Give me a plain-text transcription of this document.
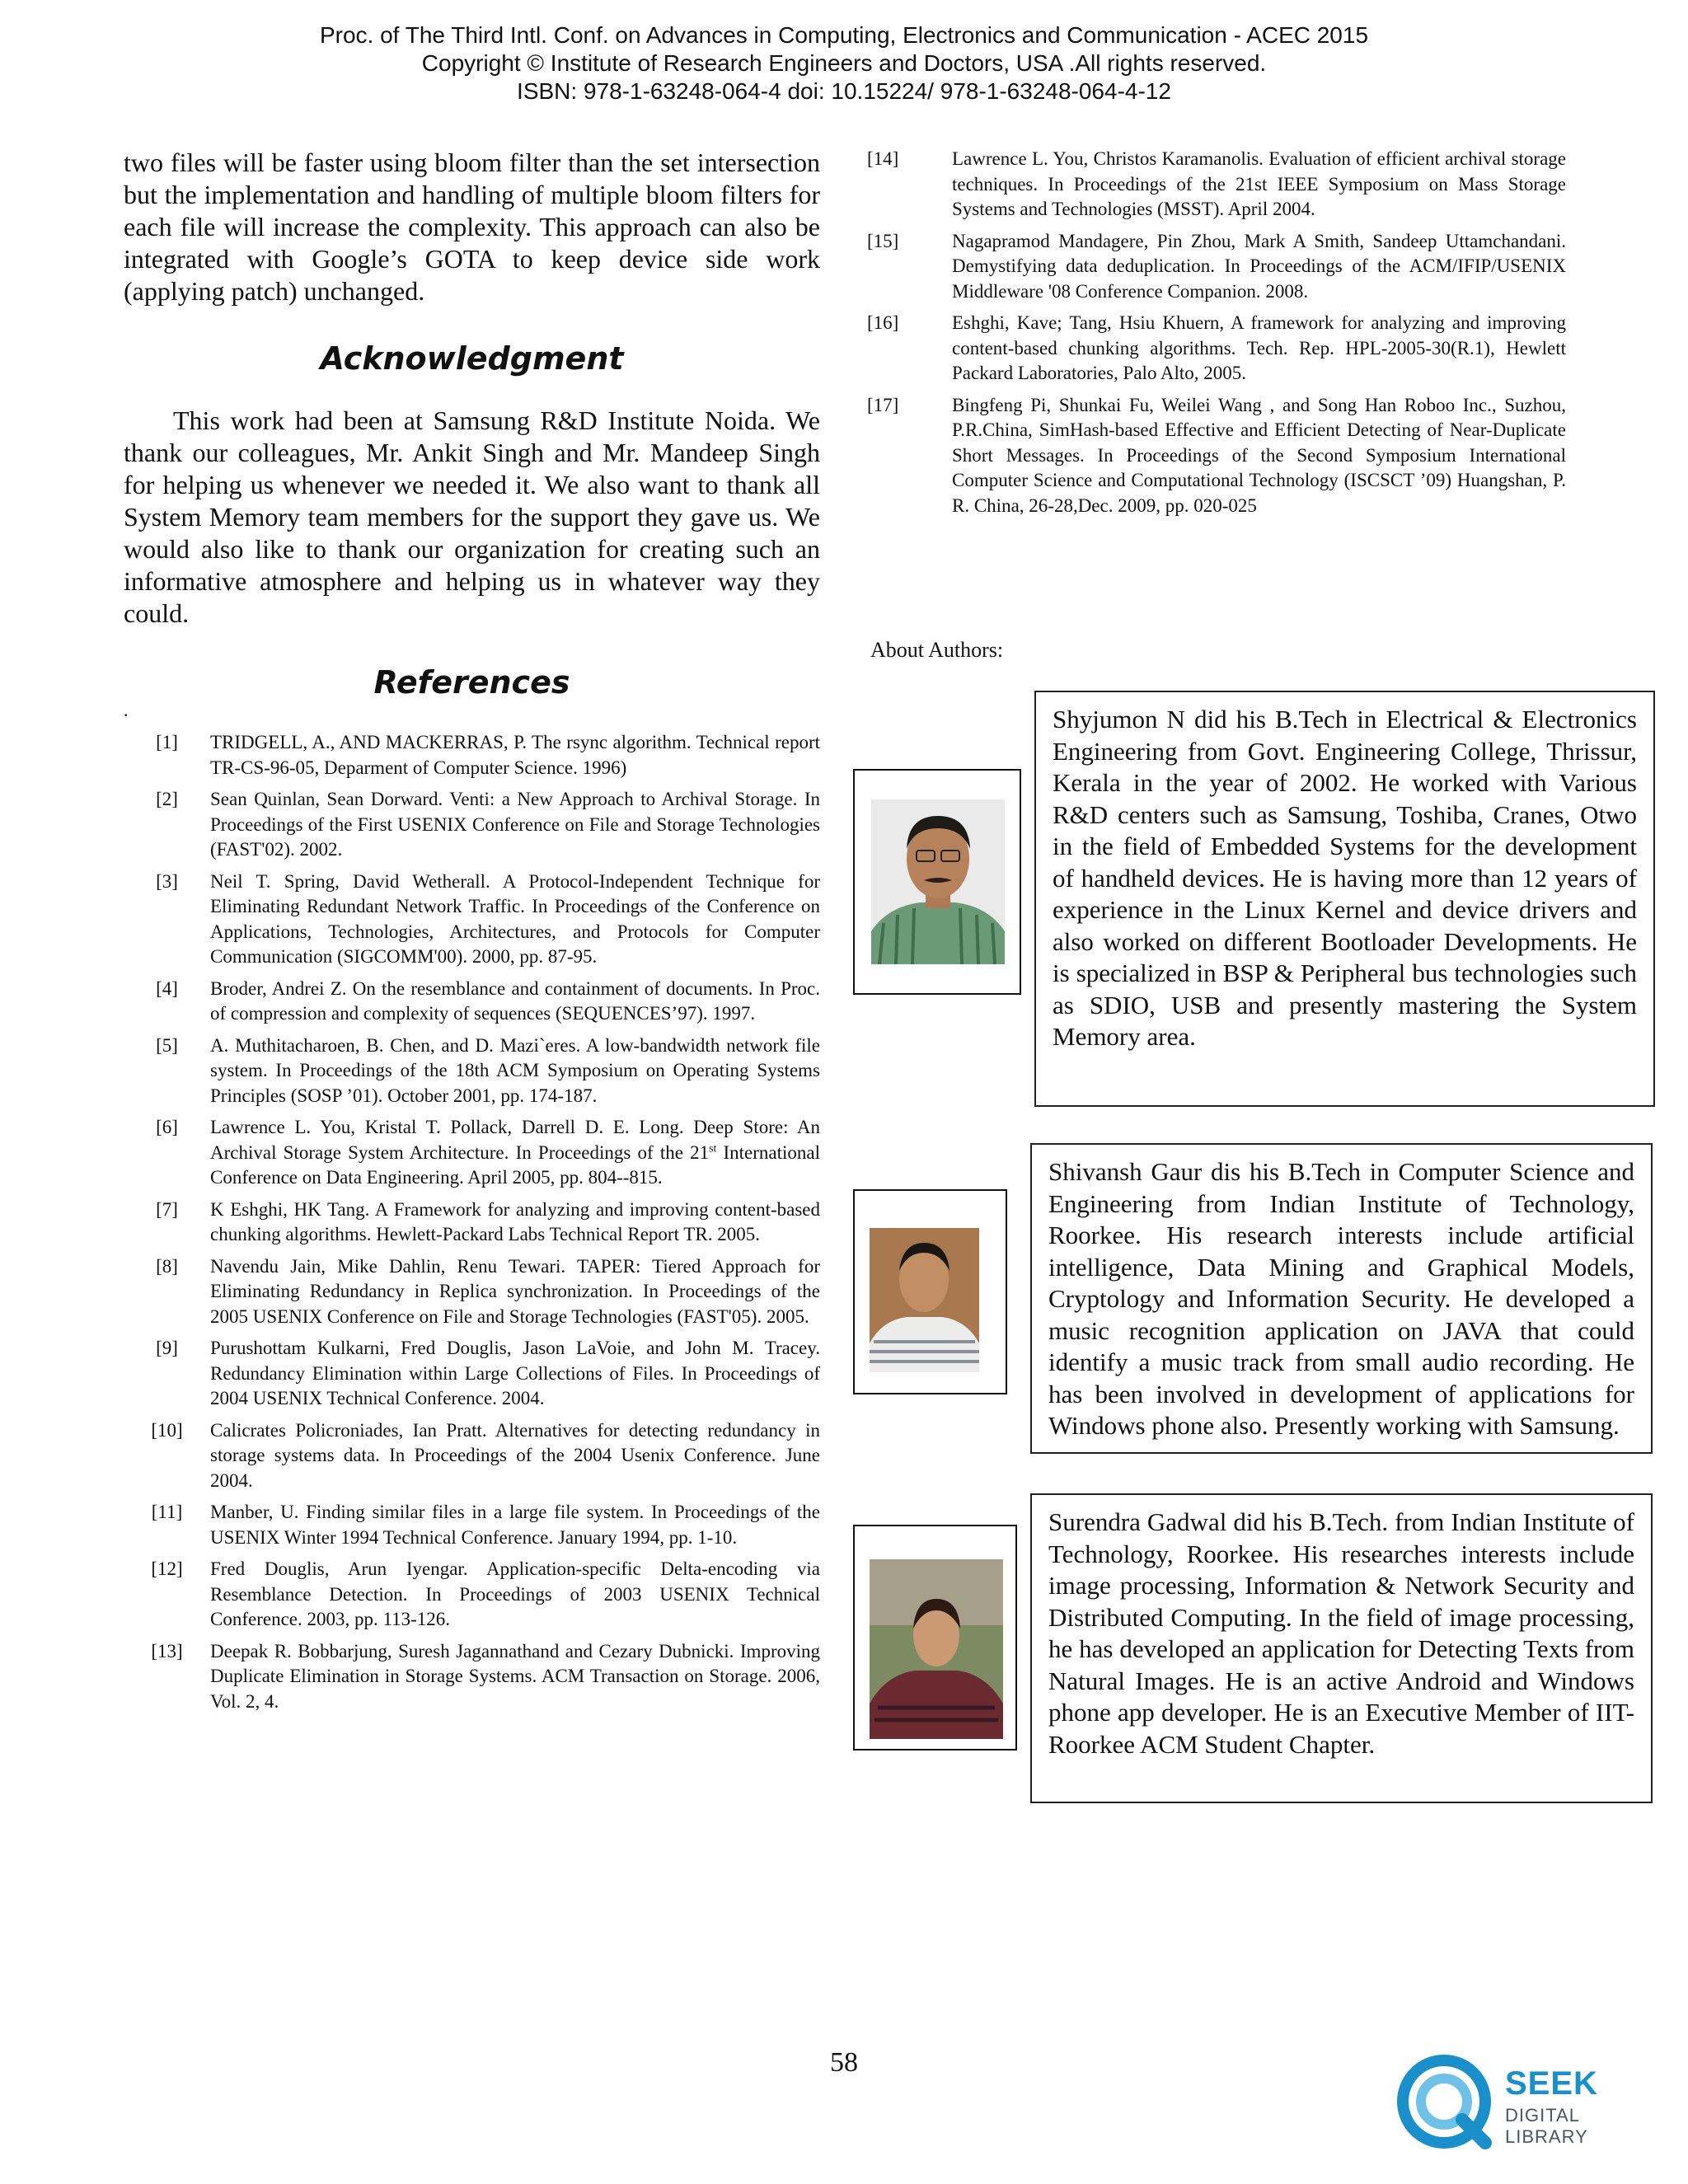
Proc. of The Third Intl. Conf. on Advances in Computing, Electronics and Communication - ACEC 2015
Copyright © Institute of Research Engineers and Doctors, USA .All rights reserved.
ISBN: 978-1-63248-064-4 doi: 10.15224/ 978-1-63248-064-4-12

two files will be faster using bloom filter than the set intersection but the implementation and handling of multiple bloom filters for each file will increase the complexity. This approach can also be integrated with Google’s GOTA to keep device side work (applying patch) unchanged.

Acknowledgment

This work had been at Samsung R&D Institute Noida. We thank our colleagues, Mr. Ankit Singh and Mr. Mandeep Singh for helping us whenever we needed it. We also want to thank all System Memory team members for the support they gave us. We would also like to thank our organization for creating such an informative atmosphere and helping us in whatever way they could.

References
.
[1]	TRIDGELL, A., AND MACKERRAS, P. The rsync algorithm. Technical report TR-CS-96-05, Deparment of Computer Science. 1996)
[2]	Sean Quinlan, Sean Dorward. Venti: a New Approach to Archival Storage. In Proceedings of the First USENIX Conference on File and Storage Technologies (FAST'02). 2002.
[3]	Neil T. Spring, David Wetherall. A Protocol-Independent Technique for Eliminating Redundant Network Traffic. In Proceedings of the Conference on Applications, Technologies, Architectures, and Protocols for Computer Communication (SIGCOMM'00). 2000, pp. 87-95.
[4]	Broder, Andrei Z. On the resemblance and containment of documents. In Proc. of compression and complexity of sequences (SEQUENCES’97). 1997.
[5]	A. Muthitacharoen, B. Chen, and D. Mazi`eres. A low-bandwidth network file system. In Proceedings of the 18th ACM Symposium on Operating Systems Principles (SOSP ’01). October 2001, pp. 174-187.
[6]	Lawrence L. You, Kristal T. Pollack, Darrell D. E. Long. Deep Store: An Archival Storage System Architecture. In Proceedings of the 21st International Conference on Data Engineering. April 2005, pp. 804--815.
[7]	K Eshghi, HK Tang. A Framework for analyzing and improving content-based chunking algorithms. Hewlett-Packard Labs Technical Report TR. 2005.
[8]	Navendu Jain, Mike Dahlin, Renu Tewari. TAPER: Tiered Approach for Eliminating Redundancy in Replica synchronization. In Proceedings of the 2005 USENIX Conference on File and Storage Technologies (FAST'05). 2005.
[9]	Purushottam Kulkarni, Fred Douglis, Jason LaVoie, and John M. Tracey. Redundancy Elimination within Large Collections of Files. In Proceedings of 2004 USENIX Technical Conference. 2004.
[10]	Calicrates Policroniades, Ian Pratt. Alternatives for detecting redundancy in storage systems data. In Proceedings of the 2004 Usenix Conference. June 2004.
[11]	Manber, U. Finding similar files in a large file system. In Proceedings of the USENIX Winter 1994 Technical Conference. January 1994, pp. 1-10.
[12]	Fred Douglis, Arun Iyengar. Application-specific Delta-encoding via Resemblance Detection. In Proceedings of 2003 USENIX Technical Conference. 2003, pp. 113-126.
[13]	Deepak R. Bobbarjung, Suresh Jagannathand and Cezary Dubnicki. Improving Duplicate Elimination in Storage Systems. ACM Transaction on Storage. 2006, Vol. 2, 4.
[14]	Lawrence L. You, Christos Karamanolis. Evaluation of efficient archival storage techniques. In Proceedings of the 21st IEEE Symposium on Mass Storage Systems and Technologies (MSST). April 2004.
[15]	Nagapramod Mandagere, Pin Zhou, Mark A Smith, Sandeep Uttamchandani. Demystifying data deduplication. In Proceedings of the ACM/IFIP/USENIX Middleware '08 Conference Companion. 2008.
[16]	Eshghi, Kave; Tang, Hsiu Khuern, A framework for analyzing and improving content-based chunking algorithms. Tech. Rep. HPL-2005-30(R.1), Hewlett Packard Laboratories, Palo Alto, 2005.
[17]	Bingfeng Pi, Shunkai Fu, Weilei Wang , and Song Han Roboo Inc., Suzhou, P.R.China, SimHash-based Effective and Efficient Detecting of Near-Duplicate Short Messages. In Proceedings of the Second Symposium International Computer Science and Computational Technology (ISCSCT ’09) Huangshan, P. R. China, 26-28,Dec. 2009, pp. 020-025
About Authors:

Shyjumon N did his B.Tech in Electrical & Electronics Engineering from Govt. Engineering College, Thrissur, Kerala in the year of 2002. He worked with Various R&D centers such as Samsung, Toshiba, Cranes, Otwo in the field of Embedded Systems for the development of handheld devices. He is having more than 12 years of experience in the Linux Kernel and device drivers and also worked on different Bootloader Developments. He is specialized in BSP & Peripheral bus technologies such as SDIO, USB and presently mastering the System Memory area.

Shivansh Gaur dis his B.Tech in Computer Science and Engineering from Indian Institute of Technology, Roorkee. His research interests include artificial intelligence, Data Mining and Graphical Models, Cryptology and Information Security. He developed a music recognition application on JAVA that could identify a music track from small audio recording. He has been involved in development of applications for Windows phone also. Presently working with Samsung.

Surendra Gadwal did his B.Tech. from Indian Institute of Technology, Roorkee. His researches interests include image processing, Information & Network Security and Distributed Computing. In the field of image processing, he has developed an application for Detecting Texts from Natural Images. He is an active Android and Windows phone app developer. He is an Executive Member of IIT-Roorkee ACM Student Chapter.

58
SEEK
DIGITAL LIBRARY
